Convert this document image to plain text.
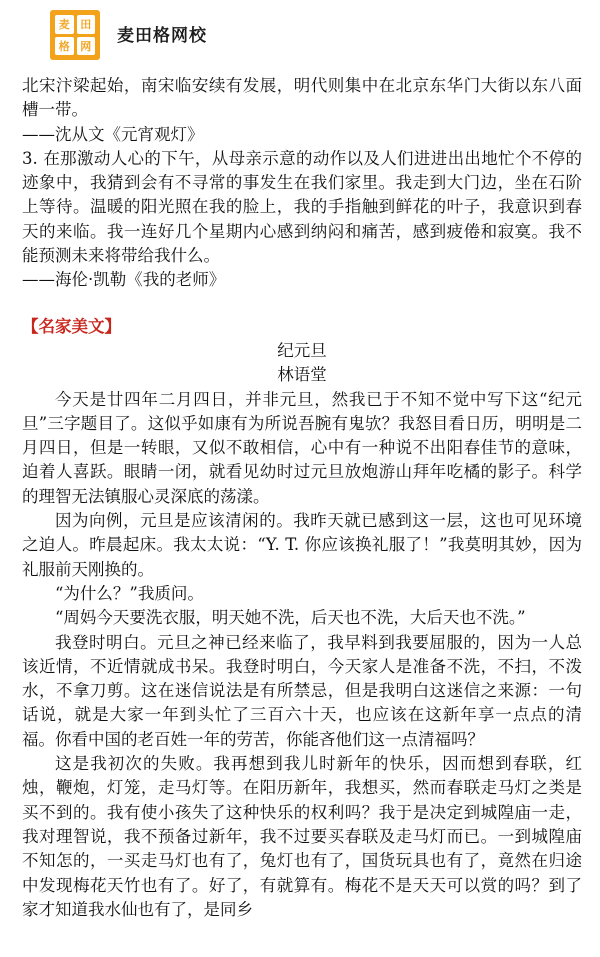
麦 田
格 网
麦田格网校

北宋汴梁起始，南宋临安续有发展，明代则集中在北京东华门大街以东八面槽一带。

——沈从文《元宵观灯》

3. 在那激动人心的下午，从母亲示意的动作以及人们进进出出地忙个不停的迹象中，我猜到会有不寻常的事发生在我们家里。我走到大门边，坐在石阶上等待。温暖的阳光照在我的脸上，我的手指触到鲜花的叶子，我意识到春天的来临。我一连好几个星期内心感到纳闷和痛苦，感到疲倦和寂寞。我不能预测未来将带给我什么。

——海伦·凯勒《我的老师》

【名家美文】

纪元旦

林语堂

今天是廿四年二月四日，并非元旦，然我已于不知不觉中写下这“纪元旦”三字题目了。这似乎如康有为所说吾腕有鬼欤？我怒目看日历，明明是二月四日，但是一转眼，又似不敢相信，心中有一种说不出阳春佳节的意味，迫着人喜跃。眼睛一闭，就看见幼时过元旦放炮游山拜年吃橘的影子。科学的理智无法镇服心灵深底的荡漾。

因为向例，元旦是应该清闲的。我昨天就已感到这一层，这也可见环境之迫人。昨晨起床。我太太说：“Y. T. 你应该换礼服了！”我莫明其妙，因为礼服前天刚换的。

“为什么？”我质问。

“周妈今天要洗衣服，明天她不洗，后天也不洗，大后天也不洗。”

我登时明白。元旦之神已经来临了，我早料到我要屈服的，因为一人总该近情，不近情就成书呆。我登时明白，今天家人是准备不洗，不扫，不泼水，不拿刀剪。这在迷信说法是有所禁忌，但是我明白这迷信之来源：一句话说，就是大家一年到头忙了三百六十天，也应该在这新年享一点点的清福。你看中国的老百姓一年的劳苦，你能吝他们这一点清福吗？

这是我初次的失败。我再想到我儿时新年的快乐，因而想到春联，红烛，鞭炮，灯笼，走马灯等。在阳历新年，我想买，然而春联走马灯之类是买不到的。我有使小孩失了这种快乐的权利吗？我于是决定到城隍庙一走，我对理智说，我不预备过新年，我不过要买春联及走马灯而已。一到城隍庙不知怎的，一买走马灯也有了，兔灯也有了，国货玩具也有了，竟然在归途中发现梅花天竹也有了。好了，有就算有。梅花不是天天可以赏的吗？到了家才知道我水仙也有了，是同乡
